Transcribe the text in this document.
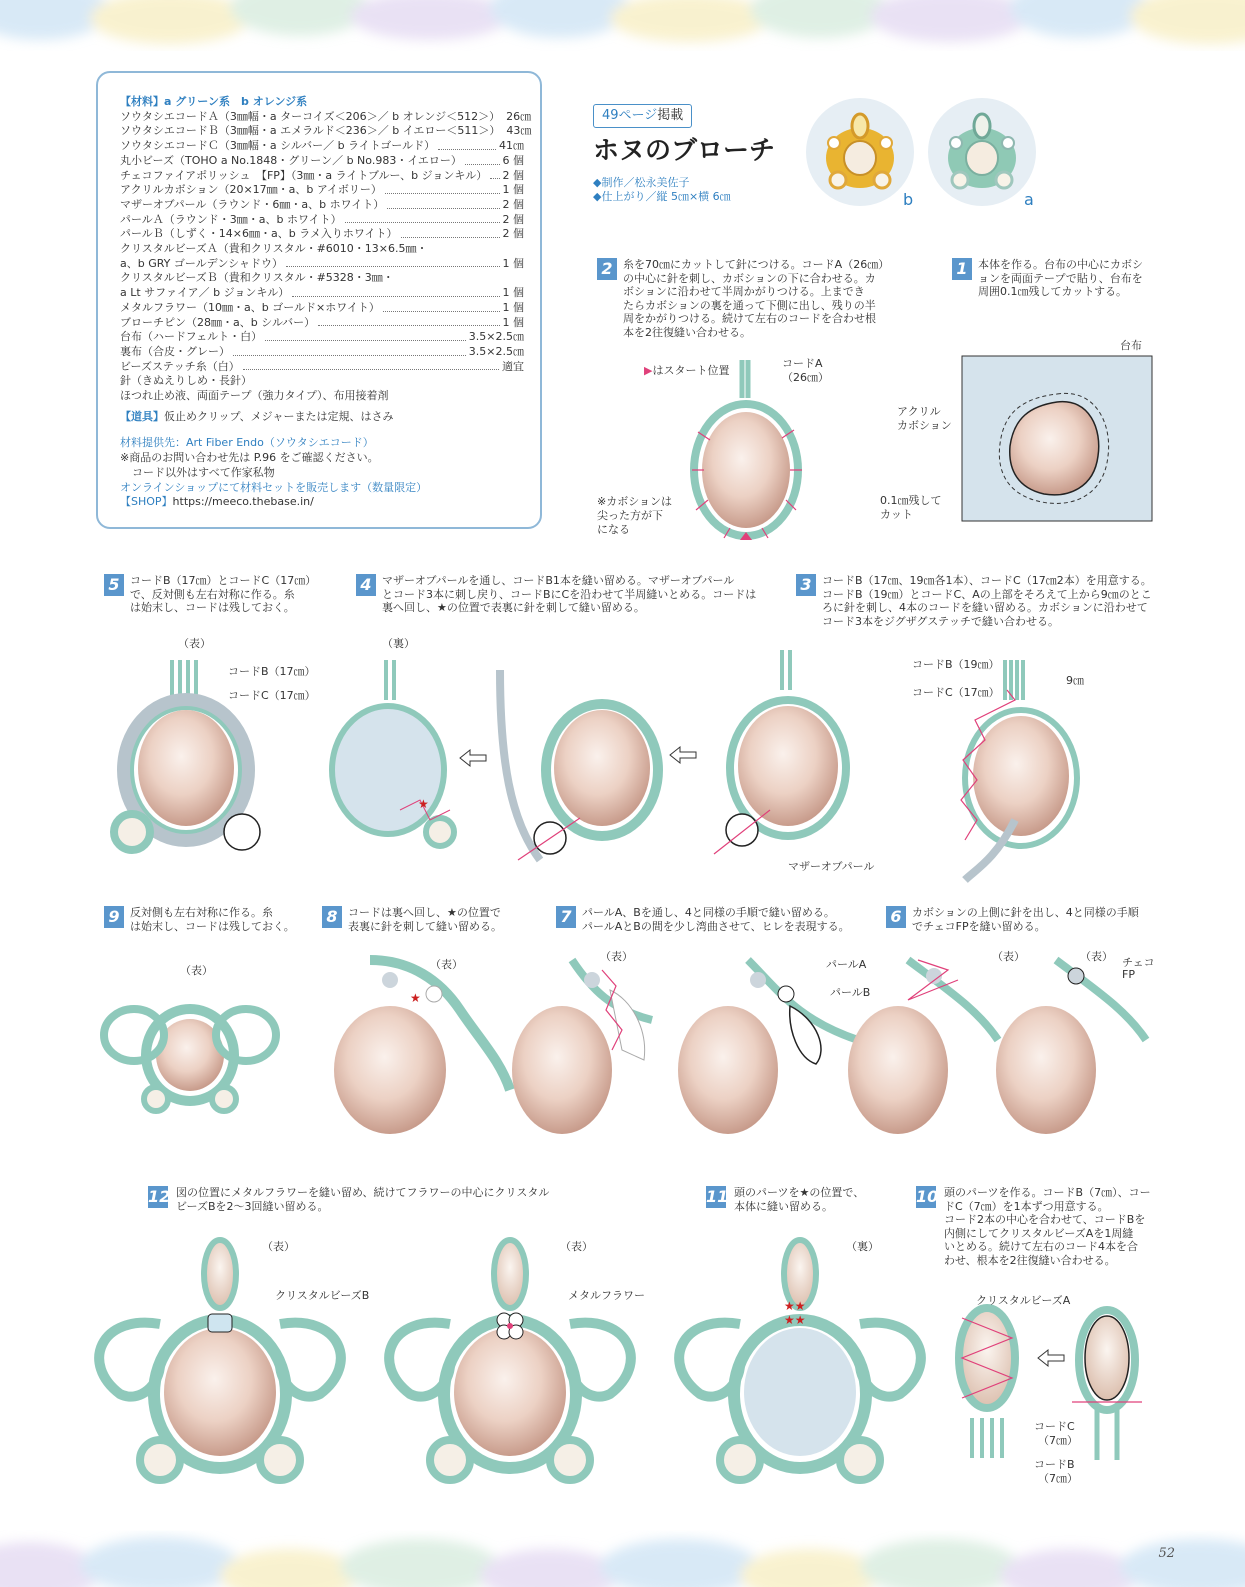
【材料】a グリーン系　b オレンジ系
ソウタシエコードＡ（3㎜幅・a ターコイズ＜206＞／ b オレンジ＜512＞） 26㎝
ソウタシエコードＢ（3㎜幅・a エメラルド＜236＞／ b イエロー＜511＞） 43㎝
ソウタシエコードＣ（3㎜幅・a シルバー／ b ライトゴールド）	41㎝
丸小ビーズ（TOHO a No.1848・グリーン／ b No.983・イエロー）	6 個
チェコファイアポリッシュ　【FP】（3㎜・a ライトブルー、b ジョンキル） 2 個
アクリルカボション（20×17㎜・a、b アイボリー）	1 個
マザーオブパール（ラウンド・6㎜・a、b ホワイト）	2 個
パールＡ（ラウンド・3㎜・a、b ホワイト）	2 個
パールＢ（しずく・14×6㎜・a、b ラメ入りホワイト）	2 個
クリスタルビーズＡ（貴和クリスタル・#6010・13×6.5㎜・
a、b GRY ゴールデンシャドウ）	1 個
クリスタルビーズＢ（貴和クリスタル・#5328・3㎜・
a Lt サファイア／ b ジョンキル）	1 個
メタルフラワー（10㎜・a、b ゴールド×ホワイト）	1 個
ブローチピン（28㎜・a、b シルバー）	1 個
台布（ハードフェルト・白）	3.5×2.5㎝
裏布（合皮・グレー）	3.5×2.5㎝
ビーズステッチ糸（白）	適宜
針（きぬえりしめ・長針）
ほつれ止め液、両面テープ（強力タイプ）、布用接着剤
【道具】仮止めクリップ、メジャーまたは定規、はさみ
材料提供先：Art Fiber Endo（ソウタシエコード）
※商品のお問い合わせ先は P.96 をご確認ください。
コード以外はすべて作家私物
オンラインショップにて材料セットを販売します（数量限定）
【SHOP】https://meeco.thebase.in/
49ページ掲載
ホヌのブローチ
◆制作／松永美佐子
◆仕上がり／縦 5㎝×横 6㎝	b	a
2 糸を70㎝にカットして針につける。コードA（26㎝）
の中心に針を刺し、カボションの下に合わせる。カ
ボションに沿わせて半周かがりつける。上までき
たらカボションの裏を通って下側に出し、残りの半
周をかがりつける。続けて左右のコードを合わせ根
本を2往復縫い合わせる。
1 本体を作る。台布の中心にカボシ
ョンを両面テープで貼り、台布を
周囲0.1㎝残してカットする。
5 コードB（17㎝）とコードC（17㎝）
で、反対側も左右対称に作る。糸
は始末し、コードは残しておく。
4 マザーオブパールを通し、コードB1本を縫い留める。マザーオブパール
とコード3本に刺し戻り、コードBにCを沿わせて半周縫いとめる。コードは
裏へ回し、★の位置で表裏に針を刺して縫い留める。
3 コードB（17㎝、19㎝各1本）、コードC（17㎝2本）を用意する。
コードB（19㎝）とコードC、Aの上部をそろえて上から9㎝のとこ
ろに針を刺し、4本のコードを縫い留める。カボションに沿わせて
コード3本をジグザグステッチで縫い合わせる。
9 反対側も左右対称に作る。糸
は始末し、コードは残しておく。
8 コードは裏へ回し、★の位置で
表裏に針を刺して縫い留める。
7 パールA、Bを通し、4と同様の手順で縫い留める。
パールAとBの間を少し湾曲させて、ヒレを表現する。
6 カボションの上側に針を出し、4と同様の手順
でチェコFPを縫い留める。
12 図の位置にメタルフラワーを縫い留め、続けてフラワーの中心にクリスタル
ビーズBを2～3回縫い留める。
11 頭のパーツを★の位置で、
本体に縫い留める。
10 頭のパーツを作る。コードB（7㎝）、コー
ドC（7㎝）を1本ずつ用意する。
コード2本の中心を合わせて、コードBを
内側にしてクリスタルビーズAを1周縫
いとめる。続けて左右のコード4本を合
わせ、根本を2往復縫い合わせる。
台布
アクリル
カボション
0.1㎝残して
カット
▶はスタート位置
コードA
（26㎝）
※カボションは
尖った方が下
になる
（表）
コードB（17㎝）
コードC（17㎝）
（裏）
★
マザーオブパール
コードB（19㎝）
コードC（17㎝）
9㎝
（表）
★
（表）
（表）
パールA
パールB
（表）	（表） チェコ
FP
（表）
クリスタルビーズB
（表）
メタルフラワー
（裏）
★★
★★
クリスタルビーズA
コードC
（7㎝）
コードB
（7㎝）
52
